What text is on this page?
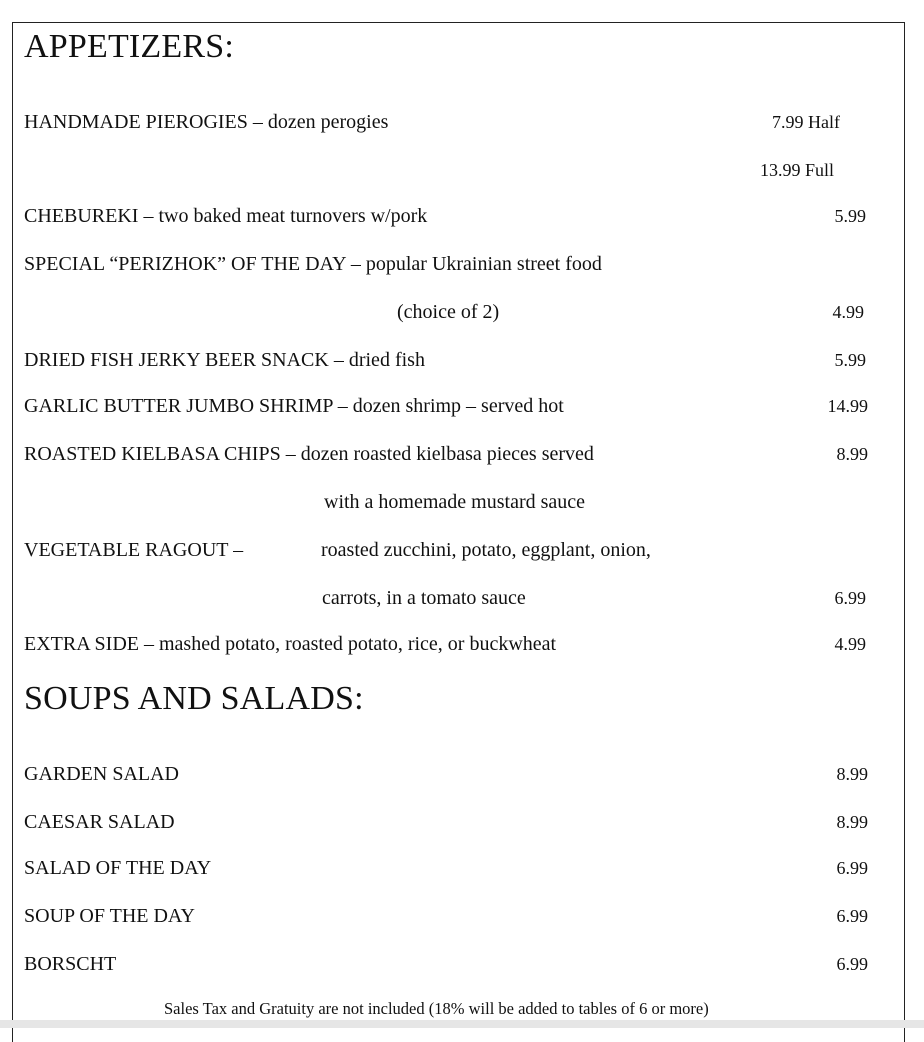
APPETIZERS:
HANDMADE PIEROGIES – dozen perogies	7.99 Half
13.99 Full
CHEBUREKI – two baked meat turnovers w/pork	5.99
SPECIAL “PERIZHOK” OF THE DAY – popular Ukrainian street food
(choice of 2)	4.99
DRIED FISH JERKY BEER SNACK – dried fish	5.99
GARLIC BUTTER JUMBO SHRIMP – dozen shrimp – served hot	14.99
ROASTED KIELBASA CHIPS – dozen roasted kielbasa pieces served	8.99
with a homemade mustard sauce
VEGETABLE RAGOUT –	roasted zucchini, potato, eggplant, onion,
carrots, in a tomato sauce	6.99
EXTRA SIDE – mashed potato, roasted potato, rice, or buckwheat	4.99
SOUPS AND SALADS:
GARDEN SALAD	8.99
CAESAR SALAD	8.99
SALAD OF THE DAY	6.99
SOUP OF THE DAY	6.99
BORSCHT	6.99
Sales Tax and Gratuity are not included (18% will be added to tables of 6 or more)
